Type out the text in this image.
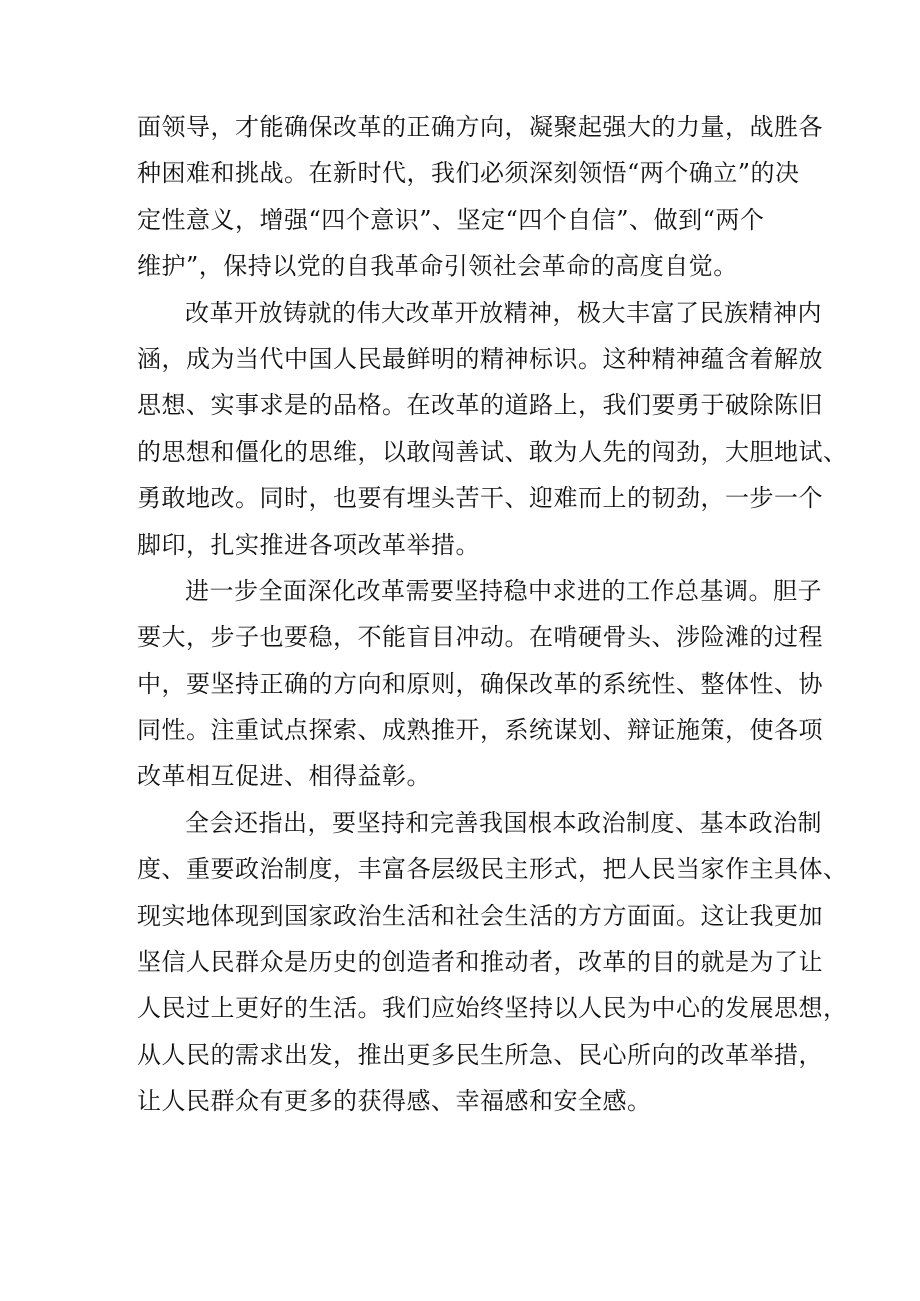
面领导，才能确保改革的正确方向，凝聚起强大的力量，战胜各
种困难和挑战。在新时代，我们必须深刻领悟“两个确立”的决
定性意义，增强“四个意识”、坚定“四个自信”、做到“两个
维护”，保持以党的自我革命引领社会革命的高度自觉。
改革开放铸就的伟大改革开放精神，极大丰富了民族精神内
涵，成为当代中国人民最鲜明的精神标识。这种精神蕴含着解放
思想、实事求是的品格。在改革的道路上，我们要勇于破除陈旧
的思想和僵化的思维，以敢闯善试、敢为人先的闯劲，大胆地试、
勇敢地改。同时，也要有埋头苦干、迎难而上的韧劲，一步一个
脚印，扎实推进各项改革举措。
进一步全面深化改革需要坚持稳中求进的工作总基调。胆子
要大，步子也要稳，不能盲目冲动。在啃硬骨头、涉险滩的过程
中，要坚持正确的方向和原则，确保改革的系统性、整体性、协
同性。注重试点探索、成熟推开，系统谋划、辩证施策，使各项
改革相互促进、相得益彰。
全会还指出，要坚持和完善我国根本政治制度、基本政治制
度、重要政治制度，丰富各层级民主形式，把人民当家作主具体、
现实地体现到国家政治生活和社会生活的方方面面。这让我更加
坚信人民群众是历史的创造者和推动者，改革的目的就是为了让
人民过上更好的生活。我们应始终坚持以人民为中心的发展思想，
从人民的需求出发，推出更多民生所急、民心所向的改革举措，
让人民群众有更多的获得感、幸福感和安全感。
